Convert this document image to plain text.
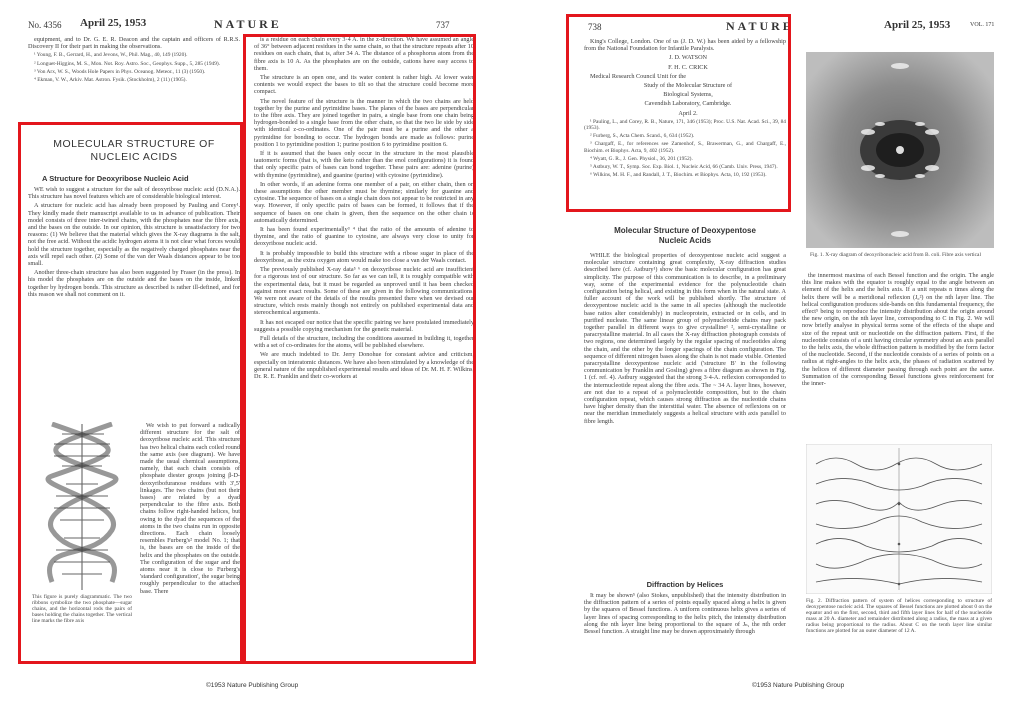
No. 4356 April 25, 1953	NATURE	737

equipment, and to Dr. G. E. R. Deacon and the captain and officers of R.R.S. Discovery II for their part in making the observations.

¹ Young, F. B., Gerrard, H., and Jevons, W., Phil. Mag., 40, 149 (1920).

² Longuet-Higgins, M. S., Mon. Not. Roy. Astro. Soc., Geophys. Supp., 5, 285 (1949).

³ Von Arx, W. S., Woods Hole Papers in Phys. Oceanog. Meteor., 11 (3) (1950).

⁴ Ekman, V. W., Arkiv. Mat. Astron. Fysik. (Stockholm), 2 (11) (1905).

MOLECULAR STRUCTURE OF
NUCLEIC ACIDS
A Structure for Deoxyribose Nucleic Acid

WE wish to suggest a structure for the salt of deoxyribose nucleic acid (D.N.A.). This structure has novel features which are of considerable biological interest.

A structure for nucleic acid has already been proposed by Pauling and Corey¹. They kindly made their manuscript available to us in advance of publication. Their model consists of three inter-twined chains, with the phosphates near the fibre axis, and the bases on the outside. In our opinion, this structure is unsatisfactory for two reasons: (1) We believe that the material which gives the X-ray diagrams is the salt, not the free acid. Without the acidic hydrogen atoms it is not clear what forces would hold the structure together, especially as the negatively charged phosphates near the axis will repel each other. (2) Some of the van der Waals distances appear to be too small.

Another three-chain structure has also been suggested by Fraser (in the press). In his model the phosphates are on the outside and the bases on the inside, linked together by hydrogen bonds. This structure as described is rather ill-defined, and for this reason we shall not comment on it.

This figure is purely diagrammatic. The two ribbons symbolize the two phosphate—sugar chains, and the horizontal rods the pairs of bases holding the chains together. The vertical line marks the fibre axis

We wish to put forward a radically different structure for the salt of deoxyribose nucleic acid. This structure has two helical chains each coiled round the same axis (see diagram). We have made the usual chemical assumptions, namely, that each chain consists of phosphate diester groups joining β-D-deoxyribofuranose residues with 3',5' linkages. The two chains (but not their bases) are related by a dyad perpendicular to the fibre axis. Both chains follow right-handed helices, but owing to the dyad the sequences of the atoms in the two chains run in opposite directions. Each chain loosely resembles Furberg's² model No. 1; that is, the bases are on the inside of the helix and the phosphates on the outside. The configuration of the sugar and the atoms near it is close to Furberg's 'standard configuration', the sugar being roughly perpendicular to the attached base. There

is a residue on each chain every 3·4 A. in the z-direction. We have assumed an angle of 36° between adjacent residues in the same chain, so that the structure repeats after 10 residues on each chain, that is, after 34 A. The distance of a phosphorus atom from the fibre axis is 10 A. As the phosphates are on the outside, cations have easy access to them.

The structure is an open one, and its water content is rather high. At lower water contents we would expect the bases to tilt so that the structure could become more compact.

The novel feature of the structure is the manner in which the two chains are held together by the purine and pyrimidine bases. The planes of the bases are perpendicular to the fibre axis. They are joined together in pairs, a single base from one chain being hydrogen-bonded to a single base from the other chain, so that the two lie side by side with identical z-co-ordinates. One of the pair must be a purine and the other a pyrimidine for bonding to occur. The hydrogen bonds are made as follows: purine position 1 to pyrimidine position 1; purine position 6 to pyrimidine position 6.

If it is assumed that the bases only occur in the structure in the most plausible tautomeric forms (that is, with the keto rather than the enol configurations) it is found that only specific pairs of bases can bond together. These pairs are: adenine (purine) with thymine (pyrimidine), and guanine (purine) with cytosine (pyrimidine).

In other words, if an adenine forms one member of a pair, on either chain, then on these assumptions the other member must be thymine; similarly for guanine and cytosine. The sequence of bases on a single chain does not appear to be restricted in any way. However, if only specific pairs of bases can be formed, it follows that if the sequence of bases on one chain is given, then the sequence on the other chain is automatically determined.

It has been found experimentally³ ⁴ that the ratio of the amounts of adenine to thymine, and the ratio of guanine to cytosine, are always very close to unity for deoxyribose nucleic acid.

It is probably impossible to build this structure with a ribose sugar in place of the deoxyribose, as the extra oxygen atom would make too close a van der Waals contact.

The previously published X-ray data⁵ ⁶ on deoxyribose nucleic acid are insufficient for a rigorous test of our structure. So far as we can tell, it is roughly compatible with the experimental data, but it must be regarded as unproved until it has been checked against more exact results. Some of these are given in the following communications. We were not aware of the details of the results presented there when we devised our structure, which rests mainly though not entirely on published experimental data and stereochemical arguments.

It has not escaped our notice that the specific pairing we have postulated immediately suggests a possible copying mechanism for the genetic material.

Full details of the structure, including the conditions assumed in building it, together with a set of co-ordinates for the atoms, will be published elsewhere.

We are much indebted to Dr. Jerry Donohue for constant advice and criticism, especially on interatomic distances. We have also been stimulated by a knowledge of the general nature of the unpublished experimental results and ideas of Dr. M. H. F. Wilkins, Dr. R. E. Franklin and their co-workers at

738	NATURE	April 25, 1953	VOL. 171

King's College, London. One of us (J. D. W.) has been aided by a fellowship from the National Foundation for Infantile Paralysis.

J. D. WATSON

F. H. C. CRICK

Medical Research Council Unit for the

Study of the Molecular Structure of

Biological Systems,

Cavendish Laboratory, Cambridge.

April 2.

¹ Pauling, L., and Corey, R. B., Nature, 171, 346 (1953); Proc. U.S. Nat. Acad. Sci., 39, 84 (1953).

² Furberg, S., Acta Chem. Scand., 6, 634 (1952).

³ Chargaff, E., for references see Zamenhof, S., Brawerman, G., and Chargaff, E., Biochim. et Biophys. Acta, 9, 402 (1952).

⁴ Wyatt, G. R., J. Gen. Physiol., 36, 201 (1952).

⁵ Astbury, W. T., Symp. Soc. Exp. Biol. 1, Nucleic Acid, 66 (Camb. Univ. Press, 1947).

⁶ Wilkins, M. H. F., and Randall, J. T., Biochim. et Biophys. Acta, 10, 192 (1953).

Fig. 1. X-ray diagram of deoxyribonucleic acid from B. coli. Fibre axis vertical
Molecular Structure of Deoxypentose
Nucleic Acids

WHILE the biological properties of deoxypentose nucleic acid suggest a molecular structure containing great complexity, X-ray diffraction studies described here (cf. Astbury¹) show the basic molecular configuration has great simplicity. The purpose of this communication is to describe, in a preliminary way, some of the experimental evidence for the polynucleotide chain configuration being helical, and existing in this form when in the natural state. A fuller account of the work will be published shortly. The structure of deoxypentose nucleic acid is the same in all species (although the nucleotide base ratios alter considerably) in nucleoprotein, extracted or in cells, and in purified nucleate. The same linear group of polynucleotide chains may pack together parallel in different ways to give crystalline¹ ², semi-crystalline or paracrystalline material. In all cases the X-ray diffraction photograph consists of two regions, one determined largely by the regular spacing of nucleotides along the chain, and the other by the longer spacings of the chain configuration. The sequence of different nitrogen bases along the chain is not made visible. Oriented paracrystalline deoxypentose nucleic acid ('structure B' in the following communication by Franklin and Gosling) gives a fibre diagram as shown in Fig. 1 (cf. ref. 4). Astbury suggested that the strong 3·4-A. reflexion corresponded to the internucleotide repeat along the fibre axis. The ~ 34 A. layer lines, however, are not due to a repeat of a polynucleotide composition, but to the chain configuration repeat, which causes strong diffraction as the nucleotide chains have higher density than the interstitial water. The absence of reflexions on or near the meridian immediately suggests a helical structure with axis parallel to fibre length.

Diffraction by Helices

It may be shown⁵ (also Stokes, unpublished) that the intensity distribution in the diffraction pattern of a series of points equally spaced along a helix is given by the squares of Bessel functions. A uniform continuous helix gives a series of layer lines of spacing corresponding to the helix pitch, the intensity distribution along the nth layer line being proportional to the square of Jₙ, the nth order Bessel function. A straight line may be drawn approximately through

the innermost maxima of each Bessel function and the origin. The angle this line makes with the equator is roughly equal to the angle between an element of the helix and the helix axis. If a unit repeats n times along the helix there will be a meridional reflexion (J₀²) on the nth layer line. The helical configuration produces side-bands on this fundamental frequency, the effect⁵ being to reproduce the intensity distribution about the origin around the new origin, on the nth layer line, corresponding to C in Fig. 2. We will now briefly analyse in physical terms some of the effects of the shape and size of the repeat unit or nucleotide on the diffraction pattern. First, if the nucleotide consists of a unit having circular symmetry about an axis parallel to the helix axis, the whole diffraction pattern is modified by the form factor of the nucleotide. Second, if the nucleotide consists of a series of points on a radius at right-angles to the helix axis, the phases of radiation scattered by the helices of different diameter passing through each point are the same. Summation of the corresponding Bessel functions gives reinforcement for the inner-

Fig. 2. Diffraction pattern of system of helices corresponding to structure of deoxypentose nucleic acid. The squares of Bessel functions are plotted about 0 on the equator and on the first, second, third and fifth layer lines for half of the nucleotide mass at 20 A. diameter and remainder distributed along a radius, the mass at a given radius being proportional to the radius. About C on the tenth layer line similar functions are plotted for an outer diameter of 12 A.
©1953 Nature Publishing Group	©1953 Nature Publishing Group
